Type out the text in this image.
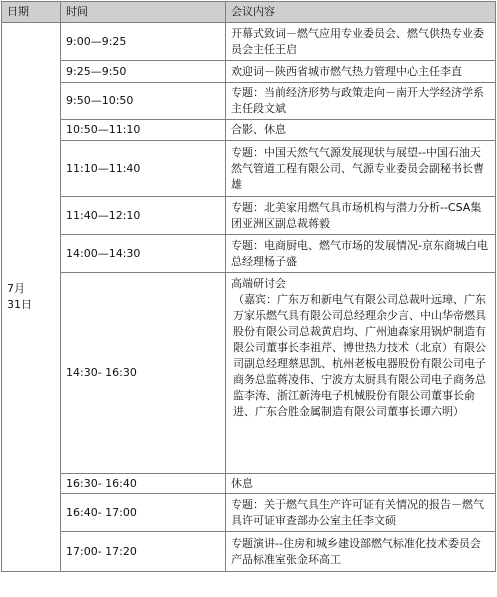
日期	时间	会议内容

7月
31日	9:00—9:25	开幕式致词－燃气应用专业委员会、燃气供热专业委员会主任王启
	9:25—9:50	欢迎词－陕西省城市燃气热力管理中心主任李直
	9:50—10:50	专题：当前经济形势与政策走向－南开大学经济学系主任段文斌
	10:50—11:10	合影、休息
	11:10—11:40	专题：中国天然气气源发展现状与展望--中国石油天然气管道工程有限公司、气源专业委员会副秘书长曹雄
	11:40—12:10	专题：北美家用燃气具市场机构与潜力分析--CSA集团亚洲区副总裁蒋毅
	14:00—14:30	专题：电商厨电、燃气市场的发展情况-京东商城白电总经理杨子盛
	14:30- 16:30	高端研讨会
（嘉宾：广东万和新电气有限公司总裁叶远璋、广东万家乐燃气具有限公司总经理余少言、中山华帝燃具股份有限公司总裁黄启均、广州迪森家用锅炉制造有限公司董事长李祖芹、博世热力技术（北京）有限公司副总经理蔡思凯、杭州老板电器股份有限公司电子商务总监蒋凌伟、宁波方太厨具有限公司电子商务总监李涛、浙江新涛电子机械股份有限公司董事长俞进、广东合胜金属制造有限公司董事长谭六明）

	16:30- 16:40	休息
	16:40- 17:00	专题：关于燃气具生产许可证有关情况的报告－燃气具许可证审查部办公室主任李文硕
	17:00- 17:20	专题演讲--住房和城乡建设部燃气标准化技术委员会产品标准室张金环高工
